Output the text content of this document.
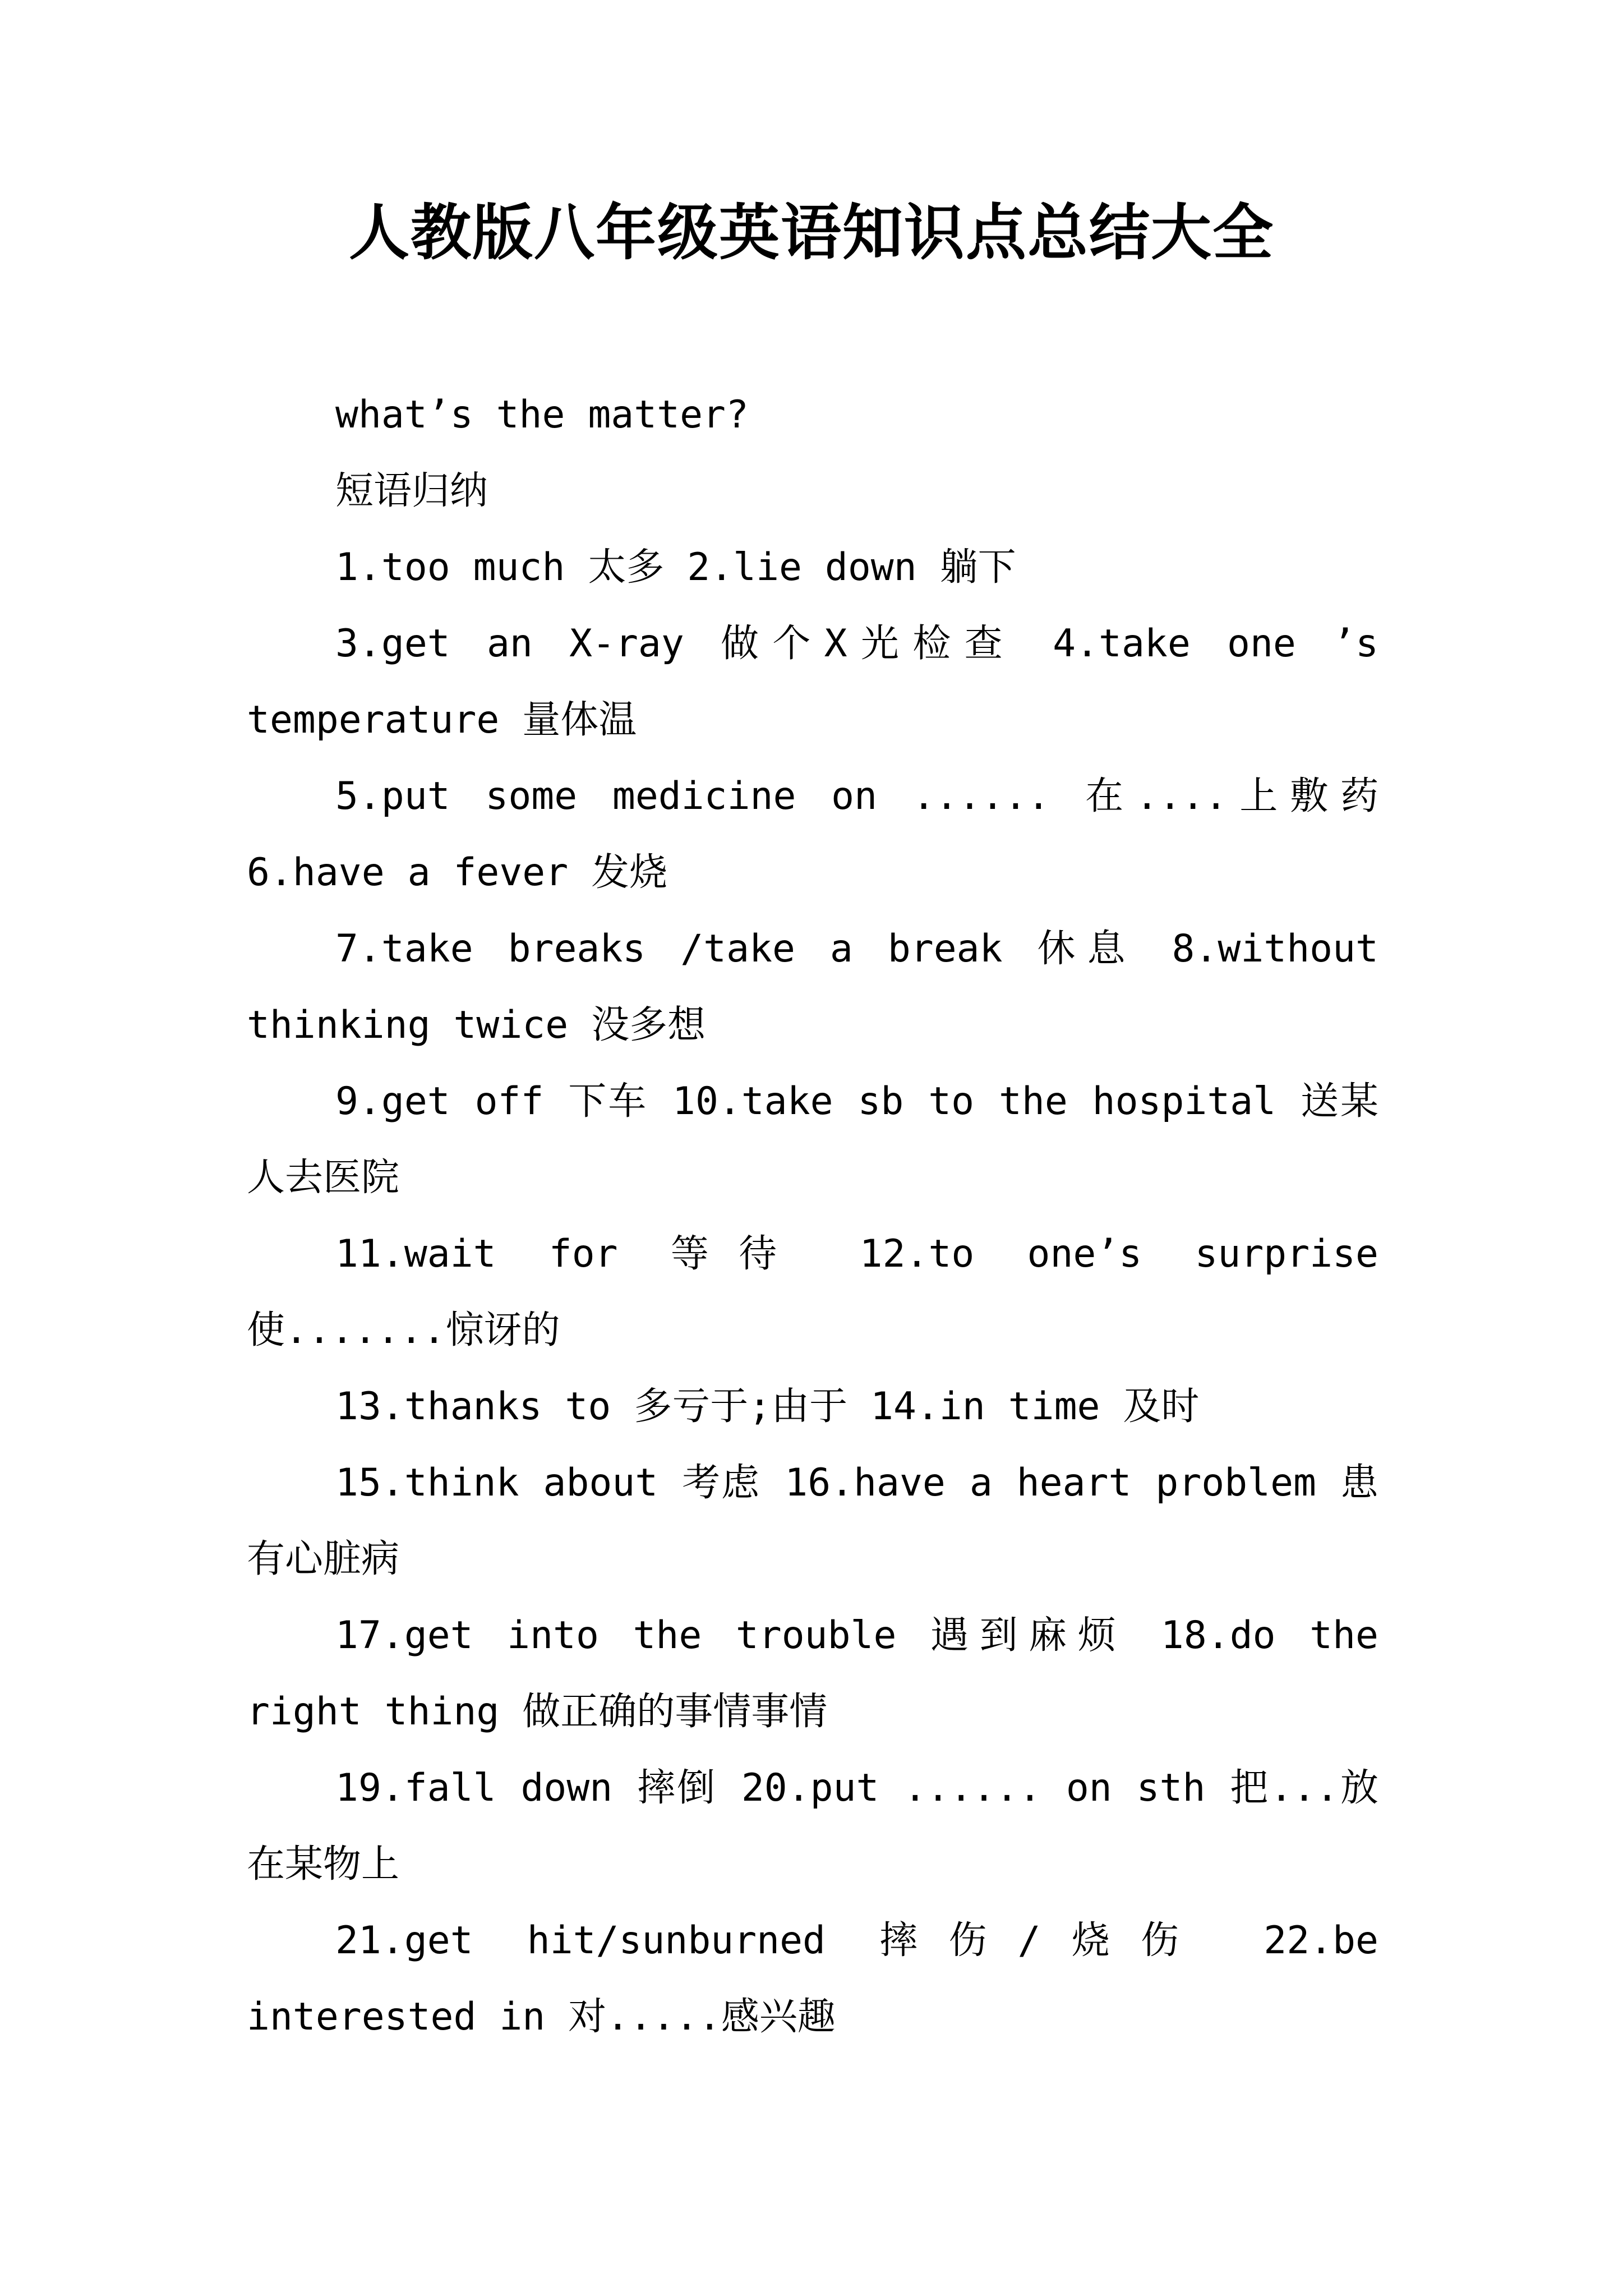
人教版八年级英语知识点总结大全

what’s the matter?

短语归纳

1.too much 太多 2.lie down 躺下

3.get an X-ray 做个X光检查 4.take one ’s temperature 量体温

5.put some medicine on ...... 在....上敷药 6.have a fever 发烧

7.take breaks /take a break 休息 8.without thinking twice 没多想

9.get off 下车 10.take sb to the hospital 送某人去医院

11.wait for 等待 12.to one’s surprise 使.......惊讶的

13.thanks to 多亏于;由于 14.in time 及时

15.think about 考虑 16.have a heart problem 患有心脏病

17.get into the trouble 遇到麻烦 18.do the right thing 做正确的事情事情

19.fall down 摔倒 20.put ...... on sth 把...放在某物上

21.get hit/sunburned 摔伤/烧伤 22.be interested in 对.....感兴趣
